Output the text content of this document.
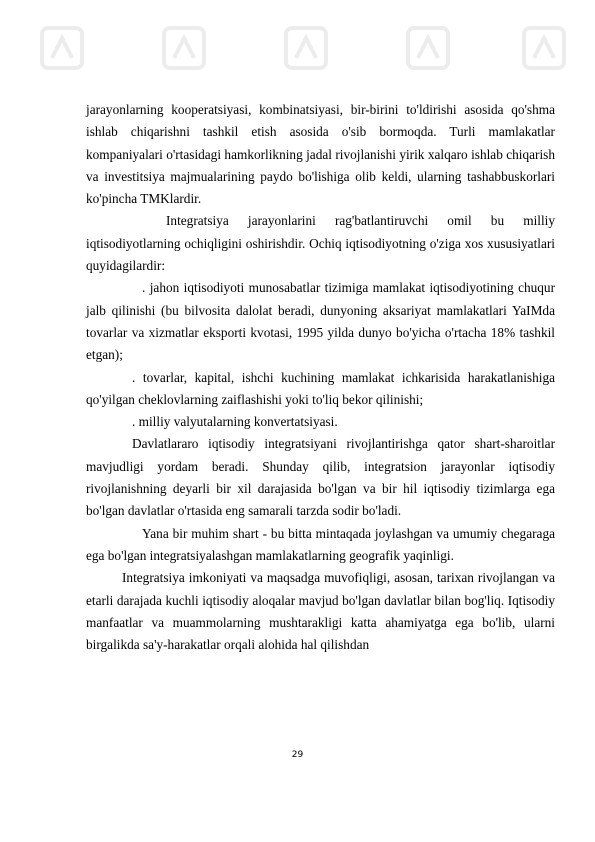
jarayonlarning kooperatsiyasi, kombinatsiyasi, bir-birini to'ldirishi asosida qo'shma ishlab chiqarishni tashkil etish asosida o'sib bormoqda. Turli mamlakatlar kompaniyalari o'rtasidagi hamkorlikning jadal rivojlanishi yirik xalqaro ishlab chiqarish va investitsiya majmualarining paydo bo'lishiga olib keldi, ularning tashabbuskorlari ko'pincha TMKlardir.

Integratsiya jarayonlarini rag'batlantiruvchi omil bu milliy iqtisodiyotlarning ochiqligini oshirishdir. Ochiq iqtisodiyotning o'ziga xos xususiyatlari quyidagilardir:

. jahon iqtisodiyoti munosabatlar tizimiga mamlakat iqtisodiyotining chuqur jalb qilinishi (bu bilvosita dalolat beradi, dunyoning aksariyat mamlakatlari YaIMda tovarlar va xizmatlar eksporti kvotasi, 1995 yilda dunyo bo'yicha o'rtacha 18% tashkil etgan);

. tovarlar, kapital, ishchi kuchining mamlakat ichkarisida harakatlanishiga qo'yilgan cheklovlarning zaiflashishi yoki to'liq bekor qilinishi;

. milliy valyutalarning konvertatsiyasi.

Davlatlararo iqtisodiy integratsiyani rivojlantirishga qator shart-sharoitlar mavjudligi yordam beradi. Shunday qilib, integratsion jarayonlar iqtisodiy rivojlanishning deyarli bir xil darajasida bo'lgan va bir hil iqtisodiy tizimlarga ega bo'lgan davlatlar o'rtasida eng samarali tarzda sodir bo'ladi.

Yana bir muhim shart - bu bitta mintaqada joylashgan va umumiy chegaraga ega bo'lgan integratsiyalashgan mamlakatlarning geografik yaqinligi.

Integratsiya imkoniyati va maqsadga muvofiqligi, asosan, tarixan rivojlangan va etarli darajada kuchli iqtisodiy aloqalar mavjud bo'lgan davlatlar bilan bog'liq. Iqtisodiy manfaatlar va muammolarning mushtarakligi katta ahamiyatga ega bo'lib, ularni birgalikda sa'y-harakatlar orqali alohida hal qilishdan

29
